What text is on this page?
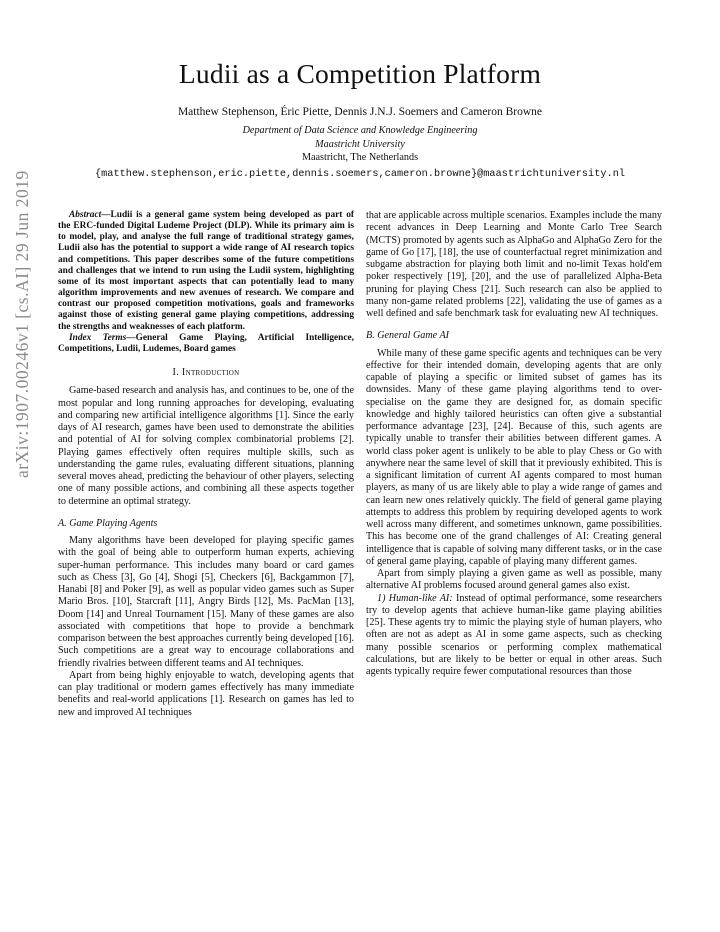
arXiv:1907.00246v1 [cs.AI] 29 Jun 2019
Ludii as a Competition Platform
Matthew Stephenson, Éric Piette, Dennis J.N.J. Soemers and Cameron Browne
Department of Data Science and Knowledge Engineering
Maastricht University
Maastricht, The Netherlands
{matthew.stephenson,eric.piette,dennis.soemers,cameron.browne}@maastrichtuniversity.nl

Abstract—Ludii is a general game system being developed as part of the ERC-funded Digital Ludeme Project (DLP). While its primary aim is to model, play, and analyse the full range of traditional strategy games, Ludii also has the potential to support a wide range of AI research topics and competitions. This paper describes some of the future competitions and challenges that we intend to run using the Ludii system, highlighting some of its most important aspects that can potentially lead to many algorithm improvements and new avenues of research. We compare and contrast our proposed competition motivations, goals and frameworks against those of existing general game playing competitions, addressing the strengths and weaknesses of each platform.

Index Terms—General Game Playing, Artificial Intelligence, Competitions, Ludii, Ludemes, Board games

I. Introduction

Game-based research and analysis has, and continues to be, one of the most popular and long running approaches for developing, evaluating and comparing new artificial intelligence algorithms [1]. Since the early days of AI research, games have been used to demonstrate the abilities and potential of AI for solving complex combinatorial problems [2]. Playing games effectively often requires multiple skills, such as understanding the game rules, evaluating different situations, planning several moves ahead, predicting the behaviour of other players, selecting one of many possible actions, and combining all these aspects together to determine an optimal strategy.

A. Game Playing Agents

Many algorithms have been developed for playing specific games with the goal of being able to outperform human experts, achieving super-human performance. This includes many board or card games such as Chess [3], Go [4], Shogi [5], Checkers [6], Backgammon [7], Hanabi [8] and Poker [9], as well as popular video games such as Super Mario Bros. [10], Starcraft [11], Angry Birds [12], Ms. PacMan [13], Doom [14] and Unreal Tournament [15]. Many of these games are also associated with competitions that hope to provide a benchmark comparison between the best approaches currently being developed [16]. Such competitions are a great way to encourage collaborations and friendly rivalries between different teams and AI techniques.

Apart from being highly enjoyable to watch, developing agents that can play traditional or modern games effectively has many immediate benefits and real-world applications [1]. Research on games has led to new and improved AI techniques

that are applicable across multiple scenarios. Examples include the many recent advances in Deep Learning and Monte Carlo Tree Search (MCTS) promoted by agents such as AlphaGo and AlphaGo Zero for the game of Go [17], [18], the use of counterfactual regret minimization and subgame abstraction for playing both limit and no-limit Texas hold'em poker respectively [19], [20], and the use of parallelized Alpha-Beta pruning for playing Chess [21]. Such research can also be applied to many non-game related problems [22], validating the use of games as a well defined and safe benchmark task for evaluating new AI techniques.

B. General Game AI

While many of these game specific agents and techniques can be very effective for their intended domain, developing agents that are only capable of playing a specific or limited subset of games has its downsides. Many of these game playing algorithms tend to over-specialise on the game they are designed for, as domain specific knowledge and highly tailored heuristics can often give a substantial performance advantage [23], [24]. Because of this, such agents are typically unable to transfer their abilities between different games. A world class poker agent is unlikely to be able to play Chess or Go with anywhere near the same level of skill that it previously exhibited. This is a significant limitation of current AI agents compared to most human players, as many of us are likely able to play a wide range of games and can learn new ones relatively quickly. The field of general game playing attempts to address this problem by requiring developed agents to work well across many different, and sometimes unknown, game possibilities. This has become one of the grand challenges of AI: Creating general intelligence that is capable of solving many different tasks, or in the case of general game playing, capable of playing many different games.

Apart from simply playing a given game as well as possible, many alternative AI problems focused around general games also exist.

1) Human-like AI: Instead of optimal performance, some researchers try to develop agents that achieve human-like game playing abilities [25]. These agents try to mimic the playing style of human players, who often are not as adept as AI in some game aspects, such as checking many possible scenarios or performing complex mathematical calculations, but are likely to be better or equal in other areas. Such agents typically require fewer computational resources than those
